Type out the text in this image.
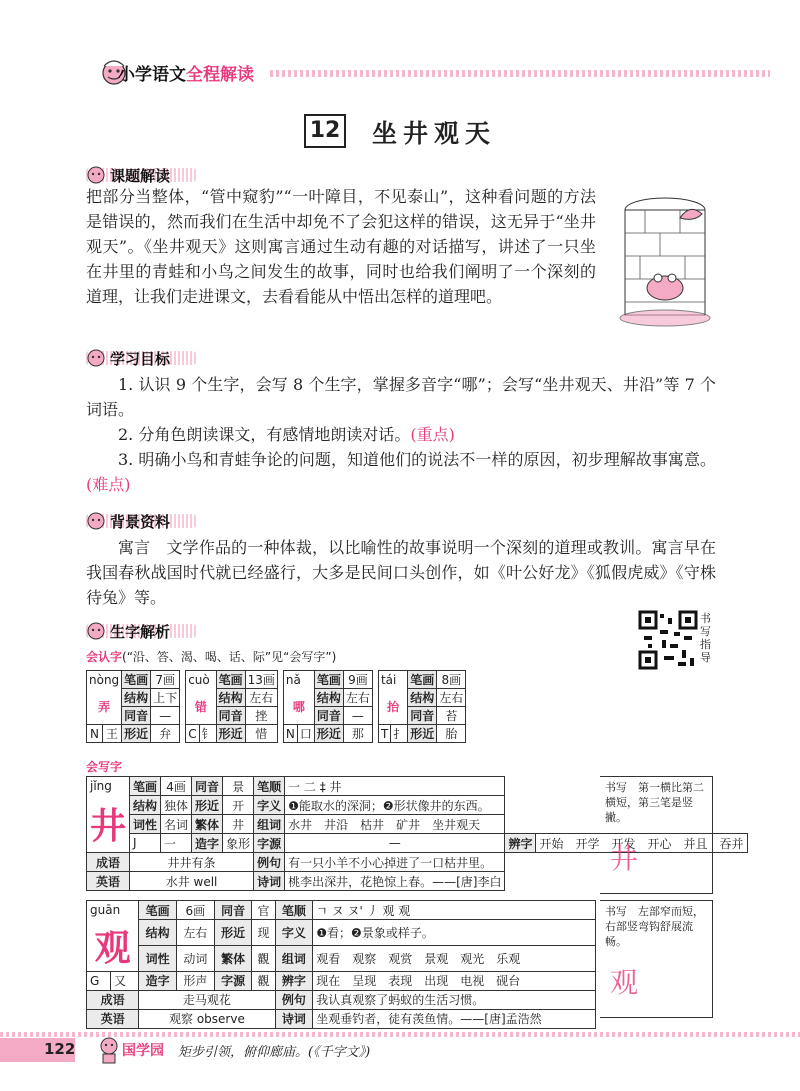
小学语文全程解读
12 坐井观天
课题解读
把部分当整体，“管中窥豹”“一叶障目，不见泰山”，这种看问题的方法是错误的，然而我们在生活中却免不了会犯这样的错误，这无异于“坐井观天”。《坐井观天》这则寓言通过生动有趣的对话描写，讲述了一只坐在井里的青蛙和小鸟之间发生的故事，同时也给我们阐明了一个深刻的道理，让我们走进课文，去看看能从中悟出怎样的道理吧。
学习目标
1. 认识 9 个生字，会写 8 个生字，掌握多音字“哪”；会写“坐井观天、井沿”等 7 个词语。
2. 分角色朗读课文，有感情地朗读对话。(重点)
3. 明确小鸟和青蛙争论的问题，知道他们的说法不一样的原因，初步理解故事寓意。(难点)
背景资料
寓言　文学作品的一种体裁，以比喻性的故事说明一个深刻的道理或教训。寓言早在我国春秋战国时代就已经盛行，大多是民间口头创作，如《叶公好龙》《狐假虎威》《守株待兔》等。
生字解析
书写指导
会认字(“沿、答、渴、喝、话、际”见“会写字”)
nòng		笔画	7画
弄		结构	上下
		同音	—
N	王	形近	弁
cuò		笔画	13画
错		结构	左右
		同音	挫
C	钅	形近	惜
nǎ		笔画	9画
哪		结构	左右
		同音	—
N	口	形近	那
tái		笔画	8画
抬		结构	左右
		同音	苔
T	扌	形近	胎
会写字
jǐng	笔画	4画	同音	景	笔顺	一 二 ‡ 井		
井	结构	独体	形近	开	字义	❶能取水的深洞；❷形状像井的东西。		
	词性	名词	繁体	井	组词	水井　井沿　枯井　矿井　坐井观天		
	J	一	造字	象形	字源	—	辨字	开始　开学　开发　开心　并且　吞并
成语	井井有条				例句	有一只小羊不小心掉进了一口枯井里。		
英语	水井 well				诗词	桃李出深井，花艳惊上春。——[唐]李白		
书写　第一横比第二横短，第三笔是竖撇。
井
guān		笔画	6画	同音	官	笔顺	ㄱ ヌ ヌ' 丿 观 观
观		结构	左右	形近	现	字义	❶看；❷景象或样子。
		词性	动词	繁体	觀	组词	观看　观察　观赏　景观　观光　乐观
G	又	造字	形声	字源	觀	辨字	现在　呈现　表现　出现　电视　砚台
成语		走马观花				例句	我认真观察了蚂蚁的生活习惯。
英语		观察 observe				诗词	坐观垂钓者，徒有羡鱼情。——[唐]孟浩然
书写　左部窄而短，右部竖弯钩舒展流畅。
观
122	国学园 矩步引领，俯仰廊庙。(《千字文》)
